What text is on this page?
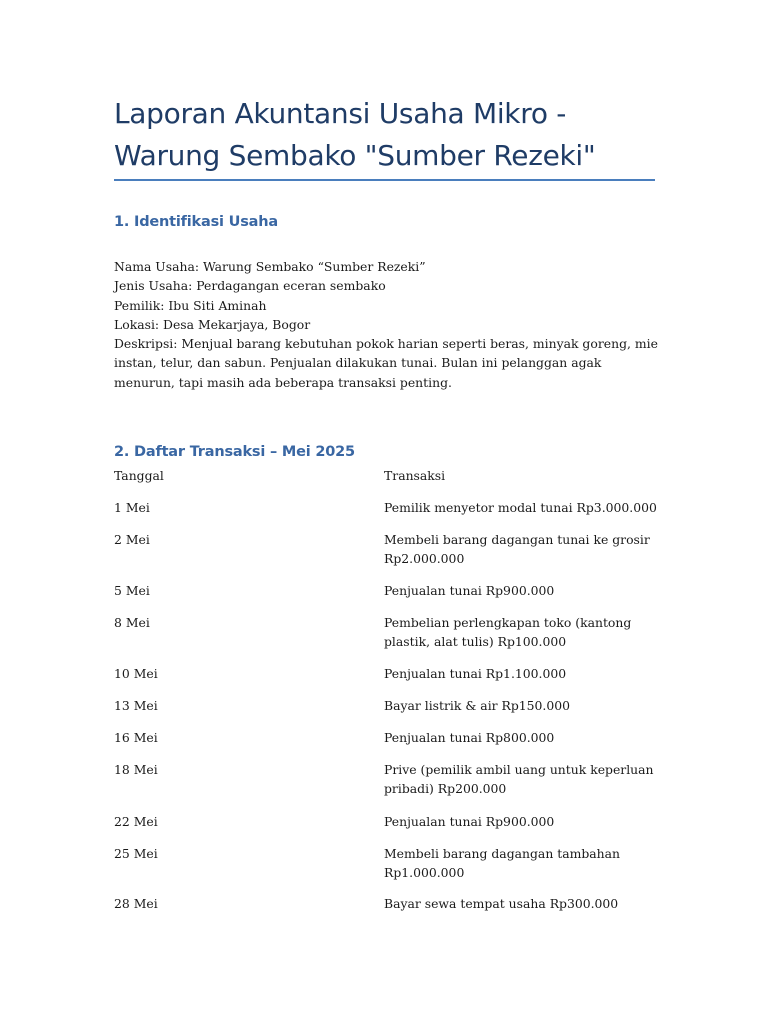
Laporan Akuntansi Usaha Mikro - Warung Sembako "Sumber Rezeki"
1. Identifikasi Usaha
Nama Usaha: Warung Sembako “Sumber Rezeki”
Jenis Usaha: Perdagangan eceran sembako
Pemilik: Ibu Siti Aminah
Lokasi: Desa Mekarjaya, Bogor
Deskripsi: Menjual barang kebutuhan pokok harian seperti beras, minyak goreng, mie instan, telur, dan sabun. Penjualan dilakukan tunai. Bulan ini pelanggan agak menurun, tapi masih ada beberapa transaksi penting.
2. Daftar Transaksi – Mei 2025
Tanggal	Transaksi
1 Mei	Pemilik menyetor modal tunai Rp3.000.000
2 Mei	Membeli barang dagangan tunai ke grosir Rp2.000.000
5 Mei	Penjualan tunai Rp900.000
8 Mei	Pembelian perlengkapan toko (kantong plastik, alat tulis) Rp100.000
10 Mei	Penjualan tunai Rp1.100.000
13 Mei	Bayar listrik & air Rp150.000
16 Mei	Penjualan tunai Rp800.000
18 Mei	Prive (pemilik ambil uang untuk keperluan pribadi) Rp200.000
22 Mei	Penjualan tunai Rp900.000
25 Mei	Membeli barang dagangan tambahan Rp1.000.000
28 Mei	Bayar sewa tempat usaha Rp300.000
